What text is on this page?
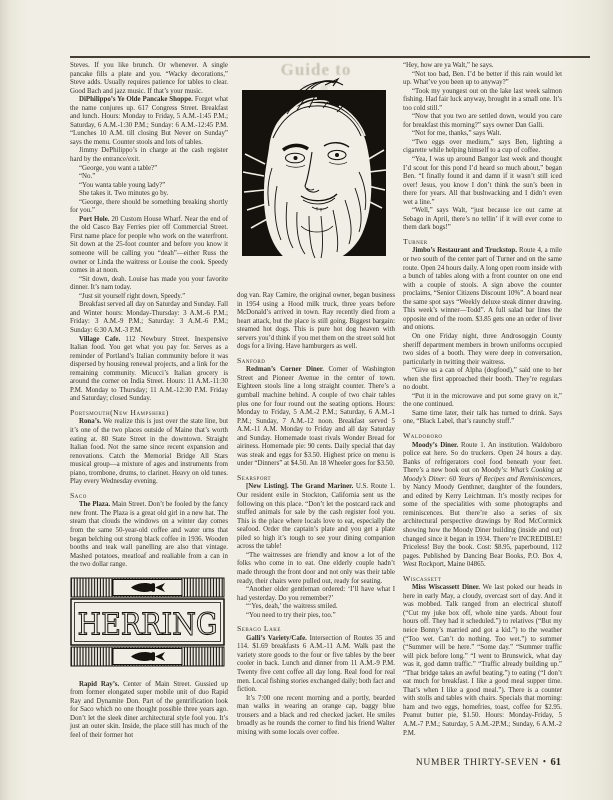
Guide to

Steves. If you like brunch. Or whenever. A single pancake fills a plate and you. “Wacky decorations,” Steve adds. Usually requires patience for tables to clear. Good Bach and jazz music. If that’s your music.

DiPhilippo’s Ye Olde Pancake Shoppe. Forget what the name conjures up. 617 Congress Street. Breakfast and lunch. Hours: Monday to Friday, 5 A.M.-1:45 P.M.; Saturday, 6 A.M.-1:30 P.M.; Sunday: 6 A.M.-12:45 P.M. “Lunches 10 A.M. till closing But Never on Sunday” says the menu. Counter stools and lots of tables.

Jimmy DePhilippo’s in charge at the cash register hard by the entrance/exit.

“George, you want a table?”

“No.”

“You wanta table young lady?”

She takes it. Two minutes go by.

“George, there should be something breaking shortly for you.”

Port Hole. 20 Custom House Wharf. Near the end of the old Casco Bay Ferries pier off Commercial Street. First name place for people who work on the waterfront. Sit down at the 25-foot counter and before you know it someone will be calling you “deah”—either Russ the owner or Linda the waitress or Louise the cook. Speedy comes in at noon.

“Sit down, deah. Louise has made you your favorite dinner. It’s nam today.

“Just sit yourself right down, Speedy.”

Breakfast served all day on Saturday and Sunday. Fall and Winter hours: Monday-Thursday: 3 A.M.-6 P.M.; Friday: 3 A.M.-9 P.M.; Saturday: 3 A.M.-6 P.M.; Sunday: 6:30 A.M.-3 P.M.

Village Cafe. 112 Newbury Street. Inexpensive Italian food. You get what you pay for. Serves as a reminder of Portland’s Italian community before it was dispersed by housing renewal projects, and a link for the remaining community. Micucci’s Italian grocery is around the corner on India Street. Hours: 11 A.M.-11:30 P.M. Monday to Thursday; 11 A.M.-12:30 P.M. Friday and Saturday; closed Sunday.

Portsmouth(New Hampshire)

Rona’s. We realize this is just over the state line, but it’s one of the two places outside of Maine that’s worth eating at. 80 State Street in the downtown. Straight Italian food. Not the same since recent expansion and renovations. Catch the Memorial Bridge All Stars musical group—a mixture of ages and instruments from piano, trombone, drums, to clarinet. Heavy on old tunes. Play every Wednesday evening.

Saco

The Plaza. Main Street. Don’t be fooled by the fancy new front. The Plaza is a great old girl in a new hat. The steam that clouds the windows on a winter day comes from the same 50-year-old coffee and water urns that began belching out strong black coffee in 1936. Wooden booths and teak wall panelling are also that vintage. Mashed potatoes, meatloaf and realiable from a can in the two dollar range.

HERRING

Rapid Ray’s. Center of Main Street. Gussied up from former elongated super mobile unit of duo Rapid Ray and Dynamite Don. Part of the gentrification look for Saco which no one thought possible three years ago. Don’t let the sleek diner architectural style fool you. It’s just an outer skin. Inside, the place still has much of the feel of their former hot

dog van. Ray Camire, the original owner, began business in 1954 using a Hood milk truck, three years before McDonald’s arrived in town. Ray recently died from a heart attack, but the place is still going. Biggest bargain: steamed hot dogs. This is pure hot dog heaven with servers you’d think if you met them on the street sold hot dogs for a living. Have hamburgers as well.

Sanford

Redman’s Corner Diner. Corner of Washington Street and Pioneer Avenue in the center of town. Eighteen stools line a long straight counter. There’s a gumball machine behind. A couple of two chair tables plus one for four round out the seating options. Hours: Monday to Friday, 5 A.M.-2 P.M.; Saturday, 6 A.M.-1 P.M.; Sunday, 7 A.M.-12 noon. Breakfast served 5 A.M.-11 A.M. Monday to Friday and all day Saturday and Sunday. Homemade toast rivals Wonder Bread for airiness. Homemade pie: 90 cents. Daily special that day was steak and eggs for $3.50. Highest price on menu is under “Dinners” at $4.50. An 18 Wheeler goes for $3.50.

Searsport

[New Listing]. The Grand Mariner. U.S. Route 1. Our resident exile in Stockton, California sent us the following on this place. “Don’t let the postcard rack and stuffed animals for sale by the cash register fool you. This is the place where locals love to eat, especially the seafood. Order the captain’s plate and you get a plate piled so high it’s tough to see your dining companion across the table!

“The waitresses are friendly and know a lot of the folks who come in to eat. One elderly couple hadn’t made through the front door and not only was their table ready, their chairs were pulled out, ready for seating.

“Another older gentleman ordered: ‘I’ll have what I had yesterday. Do you remember?’

“‘Yes, deah,’ the waitress smiled.

“You need to try their pies, too.”

Sebago Lake

Galli’s Variety/Cafe. Intersection of Routes 35 and 114. $1.69 breakfasts 6 A.M.-11 A.M. Walk past the variety store goods to the four or five tables by the beer cooler in back. Lunch and dinner from 11 A.M.-9 P.M. Twenty five cent coffee all day long. Real food for real men. Local fishing stories exchanged daily; both fact and fiction.

It’s 7:00 one recent morning and a portly, bearded man walks in wearing an orange cap, baggy blue trousers and a black and red checked jacket. He smiles broadly as he rounds the corner to find his friend Walter mixing with some locals over coffee.

“Hey, how are ya Walt,” he says.

“Not too bad, Ben. I’d be better if this rain would let up. What’ve you been up to anyway?”

“Took my youngest out on the lake last week salmon fishing. Had fair luck anyway, brought in a small one. It’s too cold still.”

“Now that you two are settled down, would you care for breakfast this morning?” says owner Dan Galli.

“Not for me, thanks,” says Walt.

“Two eggs over medium,” says Ben, lighting a cigarette while helping himself to a cup of coffee.

“Yea, I was up around Bangor last week and thought I’d scout for this pond I’d heard so much about,” began Ben. “I finally found it and damn if it wasn’t still iced over! Jesus, you know I don’t think the sun’s been in there for years. All that bushwacking and I didn’t even wet a line.”

“Well,” says Walt, “just because ice out came at Sebago in April, there’s no tellin’ if it will ever come to them dark bogs!”

Turner

Jimbo’s Restaurant and Truckstop. Route 4, a mile or two south of the center part of Turner and on the same route. Open 24 hours daily. A long open room inside with a bunch of tables along with a front counter on one end with a couple of stools. A sign above the counter proclaims, “Senior Citizens Discount 10%”. A board near the same spot says “Weekly deluxe steak dinner drawing. This week’s winner—Todd”. A full salad bar lines the opposite end of the room. $3.85 gets one an order of liver and onions.

On one Friday night, three Androsoggin County sheriff department members in brown uniforms occupied two sides of a booth. They were deep in conversation, particularly in twitting their waitress.

“Give us a can of Alpha (dogfood),” said one to her when she first approached their booth. They’re regulars no doubt.

“Put it in the microwave and put some gravy on it,” the one continued.

Same time later, their talk has turned to drink. Says one, “Black Label, that’s raunchy stuff.”

Waldoboro

Moody’s Diner. Route 1. An institution. Waldoboro police eat here. So do truckers. Open 24 hours a day. Banks of refrigerators cool food beneath your feet. There’s a new book out on Moody’s: What’s Cooking at Moody’s Diner: 60 Years of Recipes and Reminiscences, by Nancy Moody Genthner, daughter of the founders, and edited by Kerry Leichtman. It’s mostly recipes for some of the specialities with some photographs and reminiscences. But there’re also a series of six architectural perspective drawings by Rod McCormick showing how the Moody Diner building (inside and out) changed since it began in 1934. There’re INCREDIBLE! Priceless! Buy the book. Cost: $8.95, paperbound, 112 pages. Published by Dancing Bear Books, P.O. Box 4, West Rockport, Maine 04865.

Wiscassett

Miss Wiscassett Diner. We last poked our heads in here in early May, a cloudy, overcast sort of day. And it was mobbed. Talk ranged from an electrical shutoff (“Cut my juke box off, whole nine yards. About four hours off. They had it scheduled.”) to relatives (“But my neice Bonny’s married and got a kid.”) to the weather (“Too wet. Can’t do nothing. Too wet.”) to summer (“Summer will be here.” “Some day.” “Summer traffic will pick before long.” “I went to Brunswick, what day was it, god damn traffic.” “Traffic already building up.” “That bridge takes an awful beating.”) to eating (“I don’t eat much for breakfast. I like a good meal supper time. That’s when I like a good meal.”). There is a counter with stolls and tables with chairs. Specials that morning: ham and two eggs, homefries, toast, coffee for $2.95. Peanut butter pie, $1.50. Hours: Monday-Friday, 5 A.M.-7 P.M.; Saturday, 5 A.M.-2P.M.; Sunday, 6 A.M.-2 P.M.

NUMBER THIRTY-SEVEN • 61
